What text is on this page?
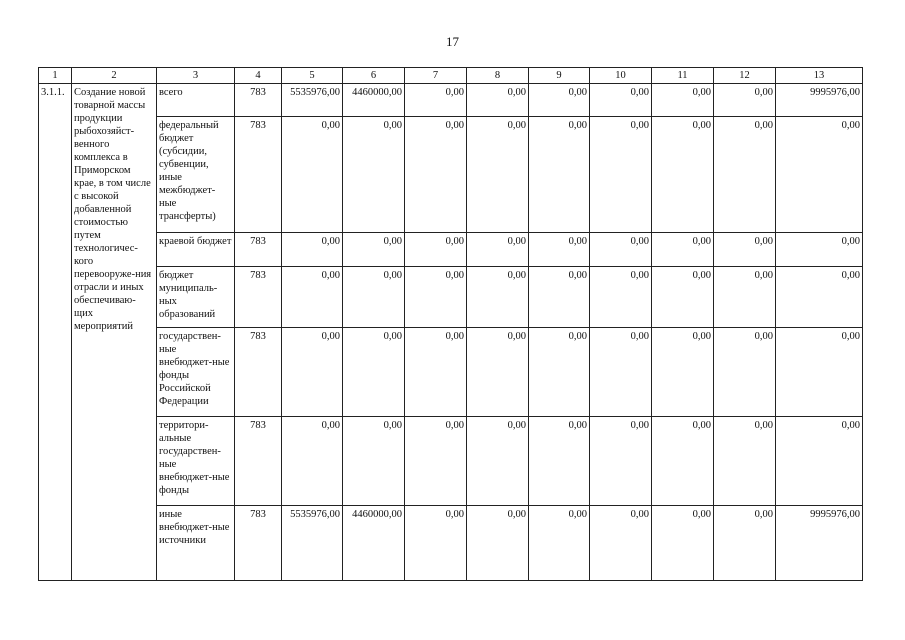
17
1	2	3	4	5	6	7	8	9	10	11	12	13
3.1.1.	Создание новой товарной массы продукции рыбохозяйст-венного комплекса в Приморском крае, в том числе с высокой добавленной стоимостью путем технологичес-кого перевооруже-ния отрасли и иных обеспечиваю-щих мероприятий	всего	783	5535976,00	4460000,00	0,00	0,00	0,00	0,00	0,00	0,00	9995976,00
		федеральный бюджет (субсидии, субвенции, иные межбюджет-ные трансферты)	783	0,00	0,00	0,00	0,00	0,00	0,00	0,00	0,00	0,00
		краевой бюджет	783	0,00	0,00	0,00	0,00	0,00	0,00	0,00	0,00	0,00
		бюджет муниципаль-ных образований	783	0,00	0,00	0,00	0,00	0,00	0,00	0,00	0,00	0,00
		государствен-ные внебюджет-ные фонды Российской Федерации	783	0,00	0,00	0,00	0,00	0,00	0,00	0,00	0,00	0,00
		территори-альные государствен-ные внебюджет-ные фонды	783	0,00	0,00	0,00	0,00	0,00	0,00	0,00	0,00	0,00
		иные внебюджет-ные источники	783	5535976,00	4460000,00	0,00	0,00	0,00	0,00	0,00	0,00	9995976,00
